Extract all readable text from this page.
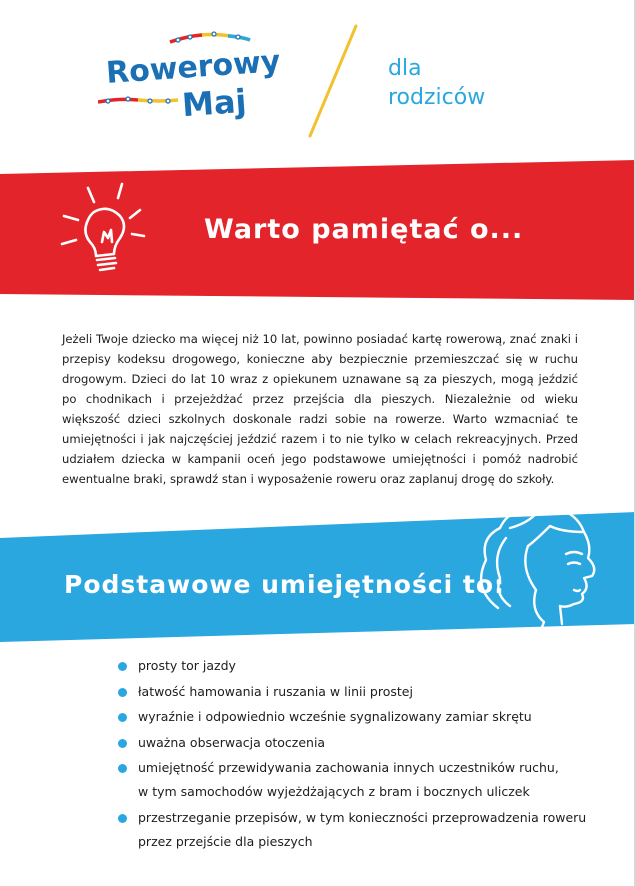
Rowerowy
Maj
dla
rodziców
Warto pamiętać o...

Jeżeli Twoje dziecko ma więcej niż 10 lat, powinno posiadać kartę rowerową, znać znaki i przepisy kodeksu drogowego, konieczne aby bezpiecznie przemieszczać się w ruchu drogowym. Dzieci do lat 10 wraz z opiekunem uznawane są za pieszych, mogą jeździć po chodnikach i przejeżdżać przez przejścia dla pieszych. Niezależnie od wieku większość dzieci szkolnych doskonale radzi sobie na rowerze. Warto wzmacniać te umiejętności i jak najczęściej jeździć razem i to nie tylko w celach rekreacyjnych. Przed udziałem dziecka w kampanii oceń jego podstawowe umiejętności i pomóż nadrobić ewentualne braki, sprawdź stan i wyposażenie roweru oraz zaplanuj drogę do szkoły.

Podstawowe umiejętności to:
prosty tor jazdy
łatwość hamowania i ruszania w linii prostej
wyraźnie i odpowiednio wcześnie sygnalizowany zamiar skrętu
uważna obserwacja otoczenia
umiejętność przewidywania zachowania innych uczestników ruchu,
w tym samochodów wyjeżdżających z bram i bocznych uliczek
przestrzeganie przepisów, w tym konieczności przeprowadzenia roweru
przez przejście dla pieszych
